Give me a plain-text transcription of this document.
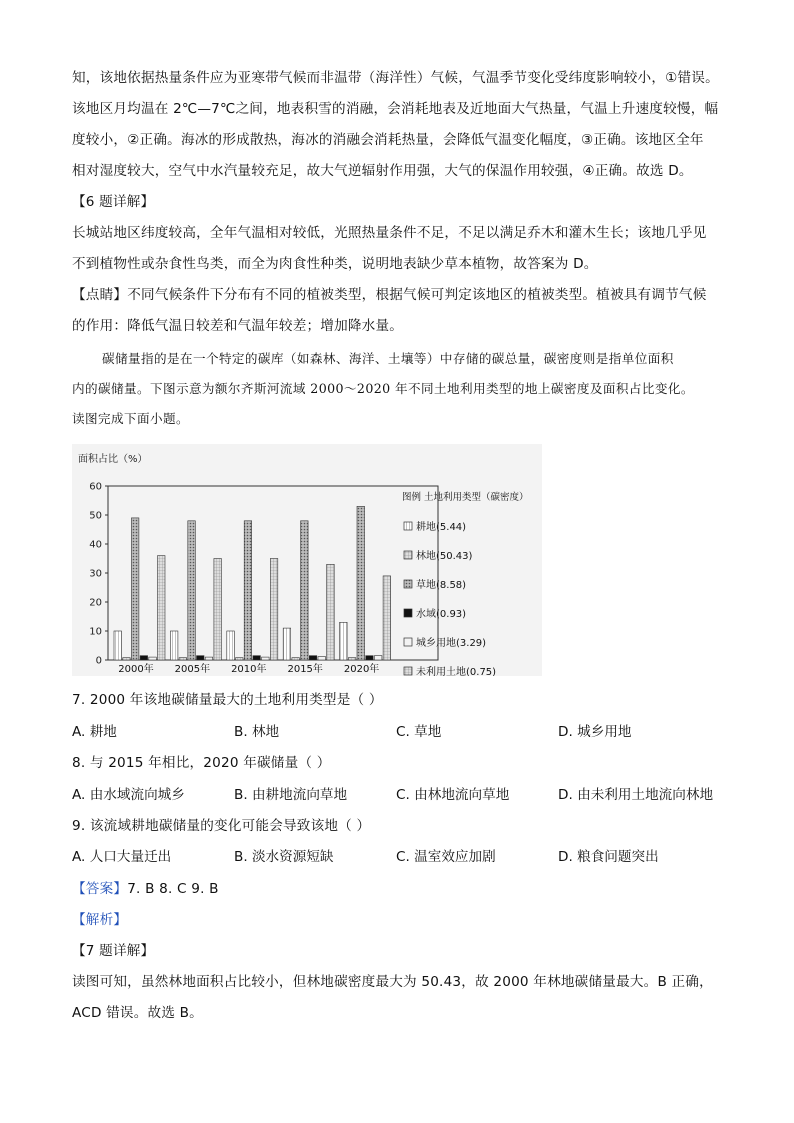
知，该地依据热量条件应为亚寒带气候而非温带（海洋性）气候，气温季节变化受纬度影响较小，①错误。
该地区月均温在 2℃—7℃之间，地表积雪的消融，会消耗地表及近地面大气热量，气温上升速度较慢，幅
度较小，②正确。海冰的形成散热，海冰的消融会消耗热量，会降低气温变化幅度，③正确。该地区全年
相对湿度较大，空气中水汽量较充足，故大气逆辐射作用强，大气的保温作用较强，④正确。故选 D。
【6 题详解】
长城站地区纬度较高，全年气温相对较低，光照热量条件不足，不足以满足乔木和灌木生长；该地几乎见
不到植物性或杂食性鸟类，而全为肉食性种类，说明地表缺少草本植物，故答案为 D。
【点睛】不同气候条件下分布有不同的植被类型，根据气候可判定该地区的植被类型。植被具有调节气候
的作用：降低气温日较差和气温年较差；增加降水量。
碳储量指的是在一个特定的碳库（如森林、海洋、土壤等）中存储的碳总量，碳密度则是指单位面积
内的碳储量。下图示意为额尔齐斯河流域 2000～2020 年不同土地利用类型的地上碳密度及面积占比变化。
读图完成下面小题。
面积占比（%）
0
10
20
30
40
50
60
2000年 2005年 2010年 2015年 2020年
图例 土地利用类型（碳密度）
耕地(5.44)
林地(50.43)
草地(8.58)
水域(0.93)
城乡用地(3.29)
未利用土地(0.75)
7. 2000 年该地碳储量最大的土地利用类型是（ ）
A. 耕地	B. 林地	C. 草地	D. 城乡用地
8. 与 2015 年相比，2020 年碳储量（ ）
A. 由水域流向城乡	B. 由耕地流向草地	C. 由林地流向草地	D. 由未利用土地流向林地
9. 该流域耕地碳储量的变化可能会导致该地（ ）
A. 人口大量迁出	B. 淡水资源短缺	C. 温室效应加剧	D. 粮食问题突出
【答案】7. B 8. C 9. B
【解析】
【7 题详解】
读图可知，虽然林地面积占比较小，但林地碳密度最大为 50.43，故 2000 年林地碳储量最大。B 正确，
ACD 错误。故选 B。
